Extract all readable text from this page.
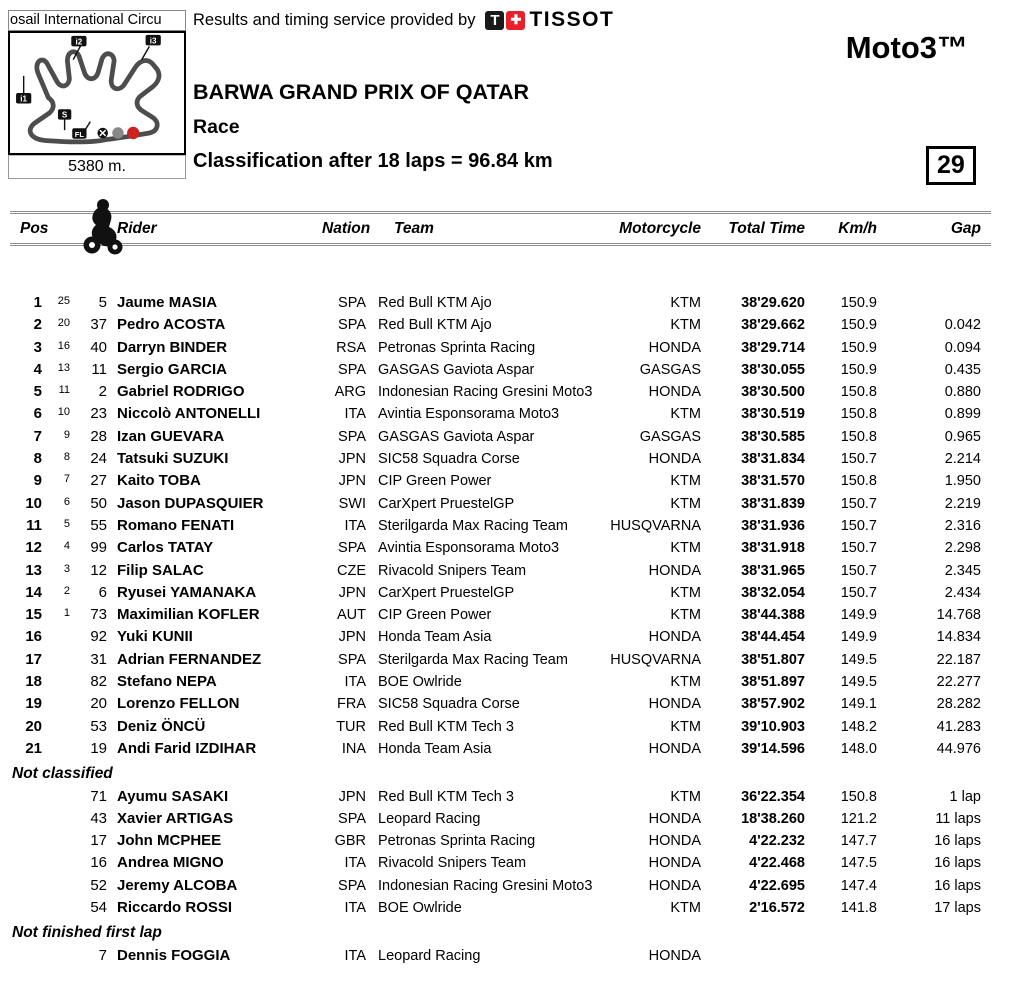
osail International Circu
i1
i2	i3
S
FL
5380 m.
Results and timing service provided by T ✚ TISSOT
Moto3™
BARWA GRAND PRIX OF QATAR
Race
Classification after 18 laps = 96.84 km	29
Pos	Rider	Nation	Team	Motorcycle	Total Time	Km/h	Gap
1	25	5 Jaume MASIA	SPA Red Bull KTM Ajo	KTM	38'29.620	150.9
2	20	37 Pedro ACOSTA	SPA Red Bull KTM Ajo	KTM	38'29.662	150.9	0.042
3	16	40 Darryn BINDER	RSA Petronas Sprinta Racing	HONDA	38'29.714	150.9	0.094
4	13	11 Sergio GARCIA	SPA GASGAS Gaviota Aspar	GASGAS	38'30.055	150.9	0.435
5	11	2 Gabriel RODRIGO	ARG Indonesian Racing Gresini Moto3	HONDA	38'30.500	150.8	0.880
6	10	23 Niccolò ANTONELLI	ITA Avintia Esponsorama Moto3	KTM	38'30.519	150.8	0.899
7	9	28 Izan GUEVARA	SPA GASGAS Gaviota Aspar	GASGAS	38'30.585	150.8	0.965
8	8	24 Tatsuki SUZUKI	JPN SIC58 Squadra Corse	HONDA	38'31.834	150.7	2.214
9	7	27 Kaito TOBA	JPN CIP Green Power	KTM	38'31.570	150.8	1.950
10	6	50 Jason DUPASQUIER	SWI CarXpert PruestelGP	KTM	38'31.839	150.7	2.219
11	5	55 Romano FENATI	ITA Sterilgarda Max Racing Team	HUSQVARNA	38'31.936	150.7	2.316
12	4	99 Carlos TATAY	SPA Avintia Esponsorama Moto3	KTM	38'31.918	150.7	2.298
13	3	12 Filip SALAC	CZE Rivacold Snipers Team	HONDA	38'31.965	150.7	2.345
14	2	6 Ryusei YAMANAKA	JPN CarXpert PruestelGP	KTM	38'32.054	150.7	2.434
15	1	73 Maximilian KOFLER	AUT CIP Green Power	KTM	38'44.388	149.9	14.768
16	92 Yuki KUNII	JPN Honda Team Asia	HONDA	38'44.454	149.9	14.834
17	31 Adrian FERNANDEZ	SPA Sterilgarda Max Racing Team	HUSQVARNA	38'51.807	149.5	22.187
18	82 Stefano NEPA	ITA BOE Owlride	KTM	38'51.897	149.5	22.277
19	20 Lorenzo FELLON	FRA SIC58 Squadra Corse	HONDA	38'57.902	149.1	28.282
20	53 Deniz ÖNCÜ	TUR Red Bull KTM Tech 3	KTM	39'10.903	148.2	41.283
21	19 Andi Farid IZDIHAR	INA Honda Team Asia	HONDA	39'14.596	148.0	44.976
Not classified
71 Ayumu SASAKI	JPN Red Bull KTM Tech 3	KTM	36'22.354	150.8	1 lap
43 Xavier ARTIGAS	SPA Leopard Racing	HONDA	18'38.260	121.2	11 laps
17 John MCPHEE	GBR Petronas Sprinta Racing	HONDA	4'22.232	147.7	16 laps
16 Andrea MIGNO	ITA Rivacold Snipers Team	HONDA	4'22.468	147.5	16 laps
52 Jeremy ALCOBA	SPA Indonesian Racing Gresini Moto3	HONDA	4'22.695	147.4	16 laps
54 Riccardo ROSSI	ITA BOE Owlride	KTM	2'16.572	141.8	17 laps
Not finished first lap
7 Dennis FOGGIA	ITA Leopard Racing	HONDA
